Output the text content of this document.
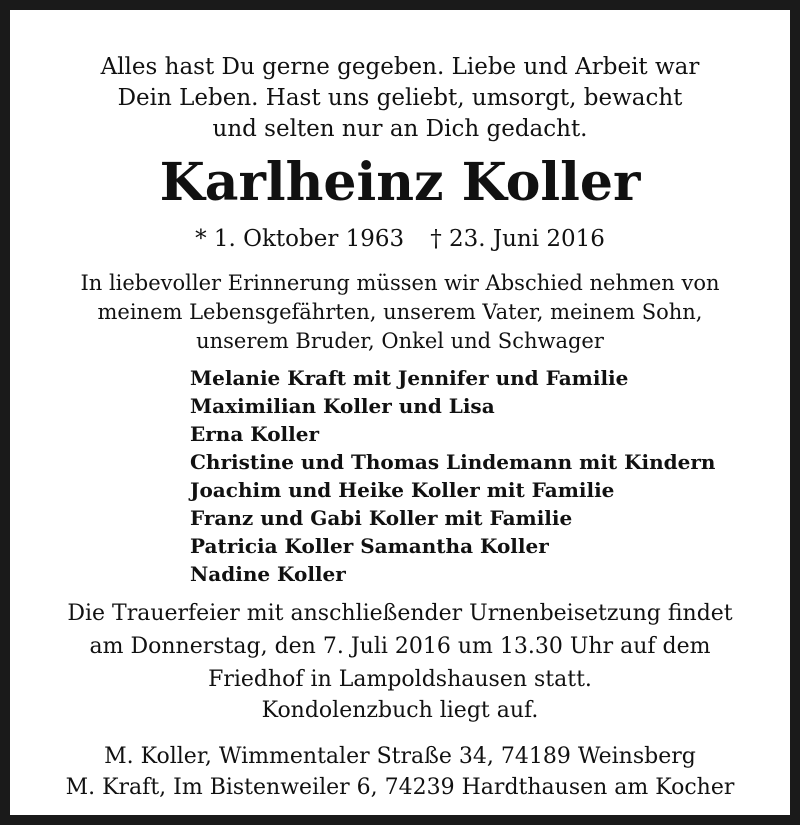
Alles hast Du gerne gegeben. Liebe und Arbeit war
Dein Leben. Hast uns geliebt, umsorgt, bewacht
und selten nur an Dich gedacht.
Karlheinz Koller
* 1. Oktober 1963 † 23. Juni 2016
In liebevoller Erinnerung müssen wir Abschied nehmen von
meinem Lebensgefährten, unserem Vater, meinem Sohn,
unserem Bruder, Onkel und Schwager
Melanie Kraft mit Jennifer und Familie
Maximilian Koller und Lisa
Erna Koller
Christine und Thomas Lindemann mit Kindern
Joachim und Heike Koller mit Familie
Franz und Gabi Koller mit Familie
Patricia Koller Samantha Koller
Nadine Koller
Die Trauerfeier mit anschließender Urnenbeisetzung findet
am Donnerstag, den 7. Juli 2016 um 13.30 Uhr auf dem
Friedhof in Lampoldshausen statt.
Kondolenzbuch liegt auf.
M. Koller, Wimmentaler Straße 34, 74189 Weinsberg
M. Kraft, Im Bistenweiler 6, 74239 Hardthausen am Kocher
